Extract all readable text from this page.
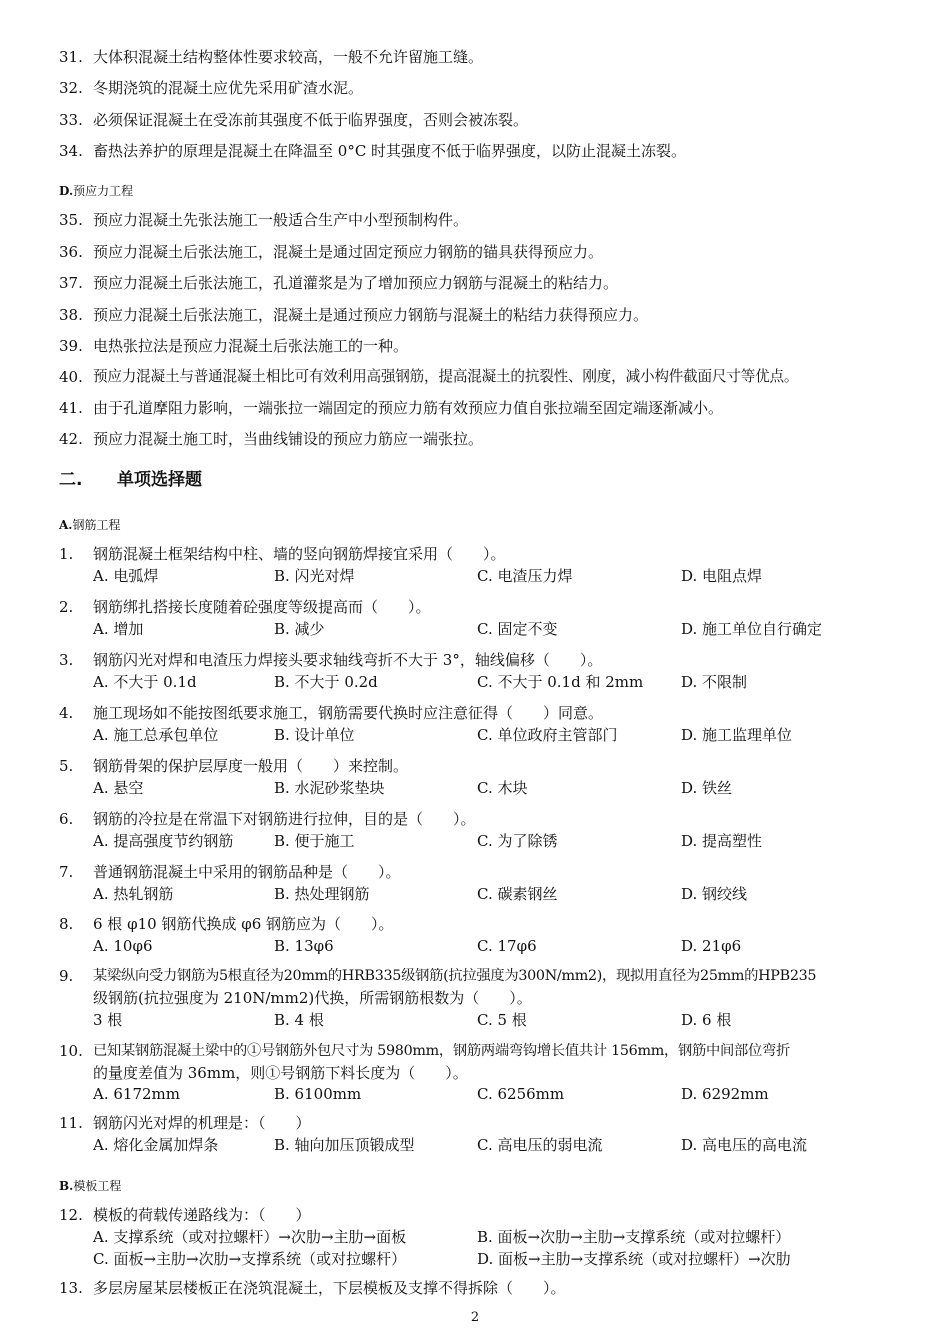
31. 大体积混凝土结构整体性要求较高，一般不允许留施工缝。
32. 冬期浇筑的混凝土应优先采用矿渣水泥。
33. 必须保证混凝土在受冻前其强度不低于临界强度，否则会被冻裂。
34. 畜热法养护的原理是混凝土在降温至 0°C 时其强度不低于临界强度，以防止混凝土冻裂。
D.预应力工程
35. 预应力混凝土先张法施工一般适合生产中小型预制构件。
36. 预应力混凝土后张法施工，混凝土是通过固定预应力钢筋的锚具获得预应力。
37. 预应力混凝土后张法施工，孔道灌浆是为了增加预应力钢筋与混凝土的粘结力。
38. 预应力混凝土后张法施工，混凝土是通过预应力钢筋与混凝土的粘结力获得预应力。
39. 电热张拉法是预应力混凝土后张法施工的一种。
40. 预应力混凝土与普通混凝土相比可有效利用高强钢筋，提高混凝土的抗裂性、刚度，减小构件截面尺寸等优点。
41. 由于孔道摩阻力影响，一端张拉一端固定的预应力筋有效预应力值自张拉端至固定端逐渐减小。
42. 预应力混凝土施工时，当曲线铺设的预应力筋应一端张拉。
二. 单项选择题
A.钢筋工程
1. 钢筋混凝土框架结构中柱、墙的竖向钢筋焊接宜采用（　　）。
A. 电弧焊	B. 闪光对焊	C. 电渣压力焊	D. 电阻点焊
2. 钢筋绑扎搭接长度随着砼强度等级提高而（　　）。
A. 增加	B. 减少	C. 固定不变	D. 施工单位自行确定
3. 钢筋闪光对焊和电渣压力焊接头要求轴线弯折不大于 3°，轴线偏移（　　）。
A. 不大于 0.1d	B. 不大于 0.2d	C. 不大于 0.1d 和 2mm	D. 不限制
4. 施工现场如不能按图纸要求施工，钢筋需要代换时应注意征得（　　）同意。
A. 施工总承包单位	B. 设计单位	C. 单位政府主管部门	D. 施工监理单位
5. 钢筋骨架的保护层厚度一般用（　　）来控制。
A. 悬空	B. 水泥砂浆垫块	C. 木块	D. 铁丝
6. 钢筋的冷拉是在常温下对钢筋进行拉伸，目的是（　　）。
A. 提高强度节约钢筋	B. 便于施工	C. 为了除锈	D. 提高塑性
7. 普通钢筋混凝土中采用的钢筋品种是（　　）。
A. 热轧钢筋	B. 热处理钢筋	C. 碳素钢丝	D. 钢绞线
8. 6 根 φ10 钢筋代换成 φ6 钢筋应为（　　）。
A. 10φ6	B. 13φ6	C. 17φ6	D. 21φ6
9. 某梁纵向受力钢筋为5根直径为20mm的HRB335级钢筋(抗拉强度为300N/mm2)，现拟用直径为25mm的HPB235
级钢筋(抗拉强度为 210N/mm2)代换，所需钢筋根数为（　　）。
3 根	B. 4 根	C. 5 根	D. 6 根
10. 已知某钢筋混凝土梁中的①号钢筋外包尺寸为 5980mm，钢筋两端弯钩增长值共计 156mm，钢筋中间部位弯折
的量度差值为 36mm，则①号钢筋下料长度为（　　）。
A. 6172mm	B. 6100mm	C. 6256mm	D. 6292mm
11. 钢筋闪光对焊的机理是：（　　）
A. 熔化金属加焊条	B. 轴向加压顶锻成型	C. 高电压的弱电流	D. 高电压的高电流
B.模板工程
12. 模板的荷载传递路线为：（　　）
A. 支撑系统（或对拉螺杆）→次肋→主肋→面板	B. 面板→次肋→主肋→支撑系统（或对拉螺杆）
C. 面板→主肋→次肋→支撑系统（或对拉螺杆）	D. 面板→主肋→支撑系统（或对拉螺杆）→次肋
13. 多层房屋某层楼板正在浇筑混凝土，下层模板及支撑不得拆除（　　）。
2
